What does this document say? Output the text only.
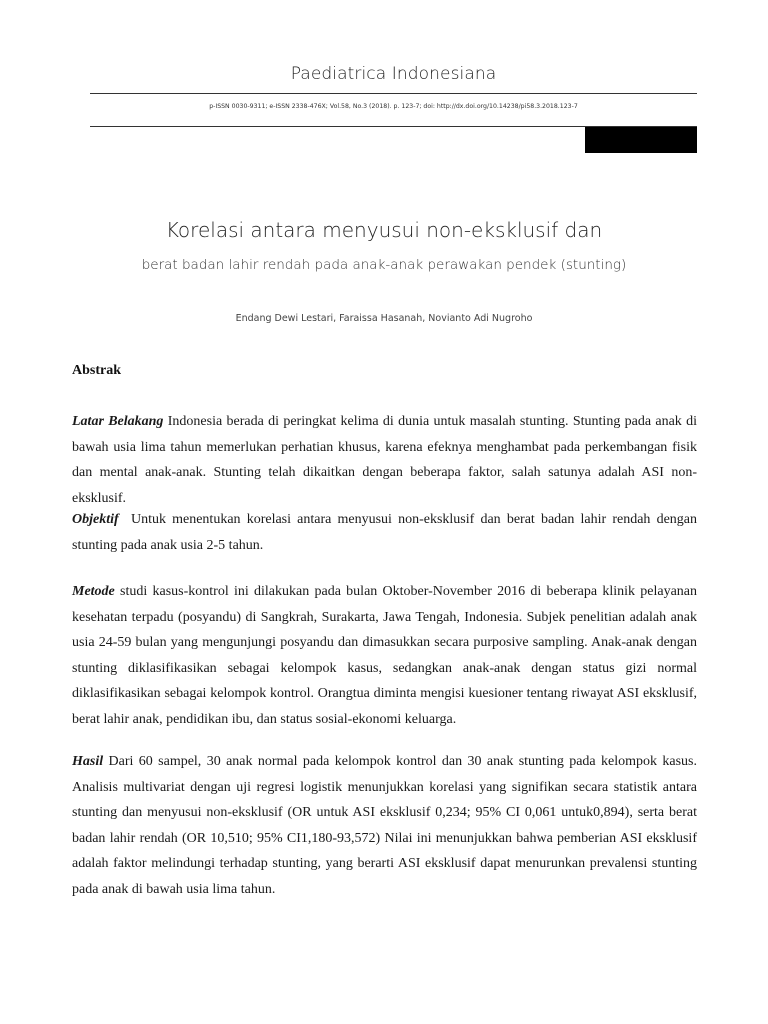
Paediatrica Indonesiana
p-ISSN 0030-9311; e-ISSN 2338-476X; Vol.58, No.3 (2018). p. 123-7; doi: http://dx.doi.org/10.14238/pi58.3.2018.123-7
Korelasi antara menyusui non-eksklusif dan
berat badan lahir rendah pada anak-anak perawakan pendek (stunting)
Endang Dewi Lestari, Faraissa Hasanah, Novianto Adi Nugroho
Abstrak

Latar Belakang Indonesia berada di peringkat kelima di dunia untuk masalah stunting. Stunting pada anak di bawah usia lima tahun memerlukan perhatian khusus, karena efeknya menghambat pada perkembangan fisik dan mental anak-anak. Stunting telah dikaitkan dengan beberapa faktor, salah satunya adalah ASI non-eksklusif.

Objektif Untuk menentukan korelasi antara menyusui non-eksklusif dan berat badan lahir rendah dengan stunting pada anak usia 2-5 tahun.

Metode studi kasus-kontrol ini dilakukan pada bulan Oktober-November 2016 di beberapa klinik pelayanan kesehatan terpadu (posyandu) di Sangkrah, Surakarta, Jawa Tengah, Indonesia. Subjek penelitian adalah anak usia 24-59 bulan yang mengunjungi posyandu dan dimasukkan secara purposive sampling. Anak-anak dengan stunting diklasifikasikan sebagai kelompok kasus, sedangkan anak-anak dengan status gizi normal diklasifikasikan sebagai kelompok kontrol. Orangtua diminta mengisi kuesioner tentang riwayat ASI eksklusif, berat lahir anak, pendidikan ibu, dan status sosial-ekonomi keluarga.

Hasil Dari 60 sampel, 30 anak normal pada kelompok kontrol dan 30 anak stunting pada kelompok kasus. Analisis multivariat dengan uji regresi logistik menunjukkan korelasi yang signifikan secara statistik antara stunting dan menyusui non-eksklusif (OR untuk ASI eksklusif 0,234; 95% CI 0,061 untuk0,894), serta berat badan lahir rendah (OR 10,510; 95% CI1,180-93,572) Nilai ini menunjukkan bahwa pemberian ASI eksklusif adalah faktor melindungi terhadap stunting, yang berarti ASI eksklusif dapat menurunkan prevalensi stunting pada anak di bawah usia lima tahun.
